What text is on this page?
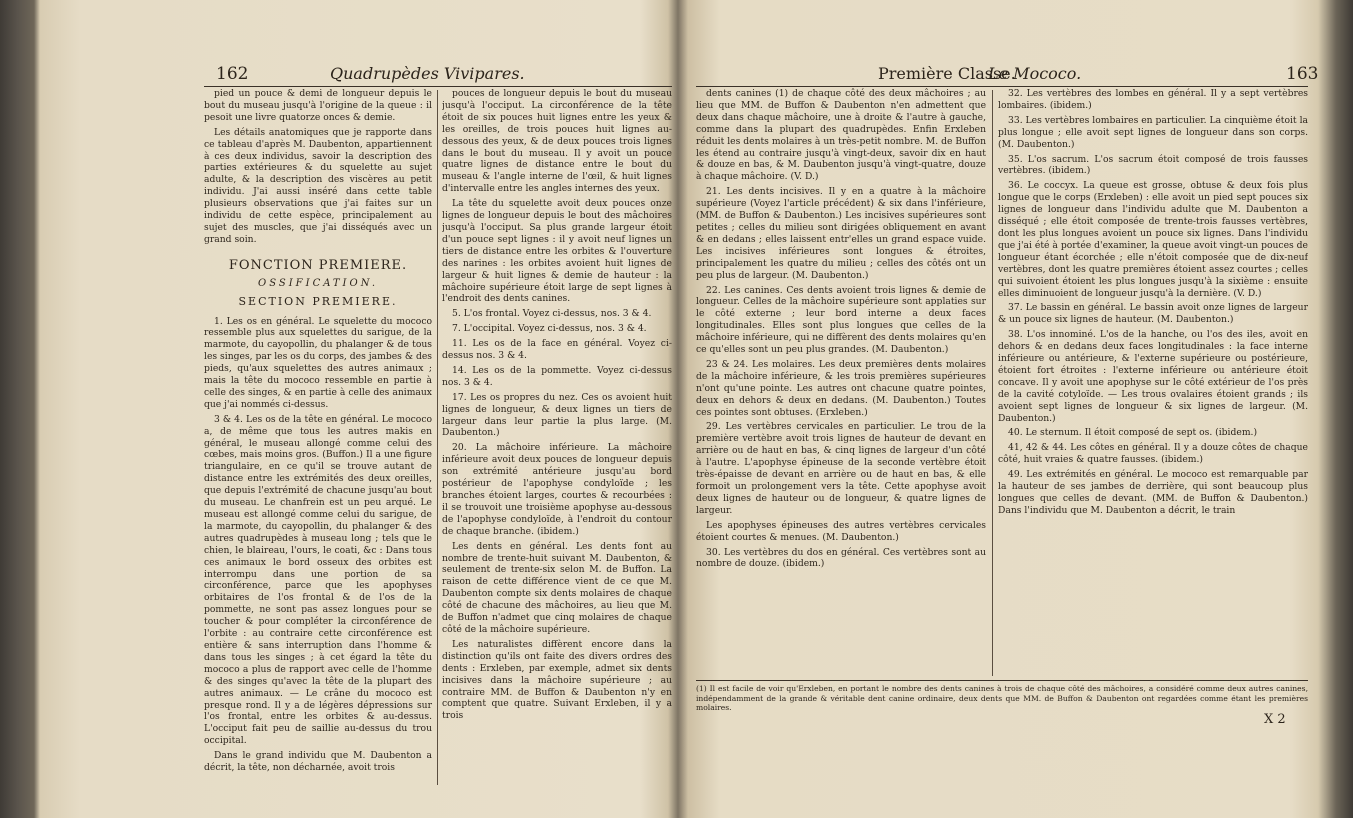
162	Quadrupèdes Vivipares.

pied un pouce & demi de longueur depuis le bout du museau jusqu'à l'origine de la queue : il pesoit une livre quatorze onces & demie.

Les détails anatomiques que je rapporte dans ce tableau d'après M. Daubenton, appartiennent à ces deux individus, savoir la description des parties extérieures & du squelette au sujet adulte, & la description des viscères au petit individu. J'ai aussi inséré dans cette table plusieurs observations que j'ai faites sur un individu de cette espèce, principalement au sujet des muscles, que j'ai disséqués avec un grand soin.

FONCTION PREMIERE.
OSSIFICATION.
SECTION PREMIERE.

1. Les os en général. Le squelette du mococo ressemble plus aux squelettes du sarigue, de la marmote, du cayopollin, du phalanger & de tous les singes, par les os du corps, des jambes & des pieds, qu'aux squelettes des autres animaux ; mais la tête du mococo ressemble en partie à celle des singes, & en partie à celle des animaux que j'ai nommés ci-dessus.

3 & 4. Les os de la tête en général. Le mococo a, de même que tous les autres makis en général, le museau allongé comme celui des cœbes, mais moins gros. (Buffon.) Il a une figure triangulaire, en ce qu'il se trouve autant de distance entre les extrémités des deux oreilles, que depuis l'extrémité de chacune jusqu'au bout du museau. Le chanfrein est un peu arqué. Le museau est allongé comme celui du sarigue, de la marmote, du cayopollin, du phalanger & des autres quadrupèdes à museau long ; tels que le chien, le blaireau, l'ours, le coati, &c : Dans tous ces animaux le bord osseux des orbites est interrompu dans une portion de sa circonférence, parce que les apophyses orbitaires de l'os frontal & de l'os de la pommette, ne sont pas assez longues pour se toucher & pour compléter la circonférence de l'orbite : au contraire cette circonférence est entière & sans interruption dans l'homme & dans tous les singes ; à cet égard la tête du mococo a plus de rapport avec celle de l'homme & des singes qu'avec la tête de la plupart des autres animaux. — Le crâne du mococo est presque rond. Il y a de légères dépressions sur l'os frontal, entre les orbites & au-dessus. L'occiput fait peu de saillie au-dessus du trou occipital.

Dans le grand individu que M. Daubenton a décrit, la tête, non décharnée, avoit trois

pouces de longueur depuis le bout du museau jusqu'à l'occiput. La circonférence de la tête étoit de six pouces huit lignes entre les yeux & les oreilles, de trois pouces huit lignes au-dessous des yeux, & de deux pouces trois lignes dans le bout du museau. Il y avoit un pouce quatre lignes de distance entre le bout du museau & l'angle interne de l'œil, & huit lignes d'intervalle entre les angles internes des yeux.

La tête du squelette avoit deux pouces onze lignes de longueur depuis le bout des mâchoires jusqu'à l'occiput. Sa plus grande largeur étoit d'un pouce sept lignes : il y avoit neuf lignes un tiers de distance entre les orbites & l'ouverture des narines : les orbites avoient huit lignes de largeur & huit lignes & demie de hauteur : la mâchoire supérieure étoit large de sept lignes à l'endroit des dents canines.

5. L'os frontal. Voyez ci-dessus, nos. 3 & 4.

7. L'occipital. Voyez ci-dessus, nos. 3 & 4.

11. Les os de la face en général. Voyez ci-dessus nos. 3 & 4.

14. Les os de la pommette. Voyez ci-dessus nos. 3 & 4.

17. Les os propres du nez. Ces os avoient huit lignes de longueur, & deux lignes un tiers de largeur dans leur partie la plus large. (M. Daubenton.)

20. La mâchoire inférieure. La mâchoire inférieure avoit deux pouces de longueur depuis son extrémité antérieure jusqu'au bord postérieur de l'apophyse condyloïde ; les branches étoient larges, courtes & recourbées : il se trouvoit une troisième apophyse au-dessous de l'apophyse condyloïde, à l'endroit du contour de chaque branche. (ibidem.)

Les dents en général. Les dents font au nombre de trente-huit suivant M. Daubenton, & seulement de trente-six selon M. de Buffon. La raison de cette différence vient de ce que M. Daubenton compte six dents molaires de chaque côté de chacune des mâchoires, au lieu que M. de Buffon n'admet que cinq molaires de chaque côté de la mâchoire supérieure.

Les naturalistes diffèrent encore dans la distinction qu'ils ont faite des divers ordres des dents : Erxleben, par exemple, admet six dents incisives dans la mâchoire supérieure ; au contraire MM. de Buffon & Daubenton n'y en comptent que quatre. Suivant Erxleben, il y a trois

Première Classe.
Le Mococo.	163

dents canines (1) de chaque côté des deux mâchoires ; au lieu que MM. de Buffon & Daubenton n'en admettent que deux dans chaque mâchoire, une à droite & l'autre à gauche, comme dans la plupart des quadrupèdes. Enfin Erxleben réduit les dents molaires à un très-petit nombre. M. de Buffon les étend au contraire jusqu'à vingt-deux, savoir dix en haut & douze en bas, & M. Daubenton jusqu'à vingt-quatre, douze à chaque mâchoire. (V. D.)

21. Les dents incisives. Il y en a quatre à la mâchoire supérieure (Voyez l'article précédent) & six dans l'inférieure, (MM. de Buffon & Daubenton.) Les incisives supérieures sont petites ; celles du milieu sont dirigées obliquement en avant & en dedans ; elles laissent entr'elles un grand espace vuide. Les incisives inférieures sont longues & étroites, principalement les quatre du milieu ; celles des côtés ont un peu plus de largeur. (M. Daubenton.)

22. Les canines. Ces dents avoient trois lignes & demie de longueur. Celles de la mâchoire supérieure sont applaties sur le côté externe ; leur bord interne a deux faces longitudinales. Elles sont plus longues que celles de la mâchoire inférieure, qui ne diffèrent des dents molaires qu'en ce qu'elles sont un peu plus grandes. (M. Daubenton.)

23 & 24. Les molaires. Les deux premières dents molaires de la mâchoire inférieure, & les trois premières supérieures n'ont qu'une pointe. Les autres ont chacune quatre pointes, deux en dehors & deux en dedans. (M. Daubenton.) Toutes ces pointes sont obtuses. (Erxleben.)

29. Les vertèbres cervicales en particulier. Le trou de la première vertèbre avoit trois lignes de hauteur de devant en arrière ou de haut en bas, & cinq lignes de largeur d'un côté à l'autre. L'apophyse épineuse de la seconde vertèbre étoit très-épaisse de devant en arrière ou de haut en bas, & elle formoit un prolongement vers la tête. Cette apophyse avoit deux lignes de hauteur ou de longueur, & quatre lignes de largeur.

Les apophyses épineuses des autres vertèbres cervicales étoient courtes & menues. (M. Daubenton.)

30. Les vertèbres du dos en général. Ces vertèbres sont au nombre de douze. (ibidem.)

32. Les vertèbres des lombes en général. Il y a sept vertèbres lombaires. (ibidem.)

33. Les vertèbres lombaires en particulier. La cinquième étoit la plus longue ; elle avoit sept lignes de longueur dans son corps. (M. Daubenton.)

35. L'os sacrum. L'os sacrum étoit composé de trois fausses vertèbres. (ibidem.)

36. Le coccyx. La queue est grosse, obtuse & deux fois plus longue que le corps (Erxleben) : elle avoit un pied sept pouces six lignes de longueur dans l'individu adulte que M. Daubenton a disséqué ; elle étoit composée de trente-trois fausses vertèbres, dont les plus longues avoient un pouce six lignes. Dans l'individu que j'ai été à portée d'examiner, la queue avoit vingt-un pouces de longueur étant écorchée ; elle n'étoit composée que de dix-neuf vertèbres, dont les quatre premières étoient assez courtes ; celles qui suivoient étoient les plus longues jusqu'à la sixième : ensuite elles diminuoient de longueur jusqu'à la dernière. (V. D.)

37. Le bassin en général. Le bassin avoit onze lignes de largeur & un pouce six lignes de hauteur. (M. Daubenton.)

38. L'os innominé. L'os de la hanche, ou l'os des iles, avoit en dehors & en dedans deux faces longitudinales : la face interne inférieure ou antérieure, & l'externe supérieure ou postérieure, étoient fort étroites : l'externe inférieure ou antérieure étoit concave. Il y avoit une apophyse sur le côté extérieur de l'os près de la cavité cotyloïde. — Les trous ovalaires étoient grands ; ils avoient sept lignes de longueur & six lignes de largeur. (M. Daubenton.)

40. Le sternum. Il étoit composé de sept os. (ibidem.)

41, 42 & 44. Les côtes en général. Il y a douze côtes de chaque côté, huit vraies & quatre fausses. (ibidem.)

49. Les extrémités en général. Le mococo est remarquable par la hauteur de ses jambes de derrière, qui sont beaucoup plus longues que celles de devant. (MM. de Buffon & Daubenton.) Dans l'individu que M. Daubenton a décrit, le train

(1) Il est facile de voir qu'Erxleben, en portant le nombre des dents canines à trois de chaque côté des mâchoires, a considéré comme deux autres canines, indépendamment de la grande & véritable dent canine ordinaire, deux dents que MM. de Buffon & Daubenton ont regardées comme étant les premières molaires.
X 2
